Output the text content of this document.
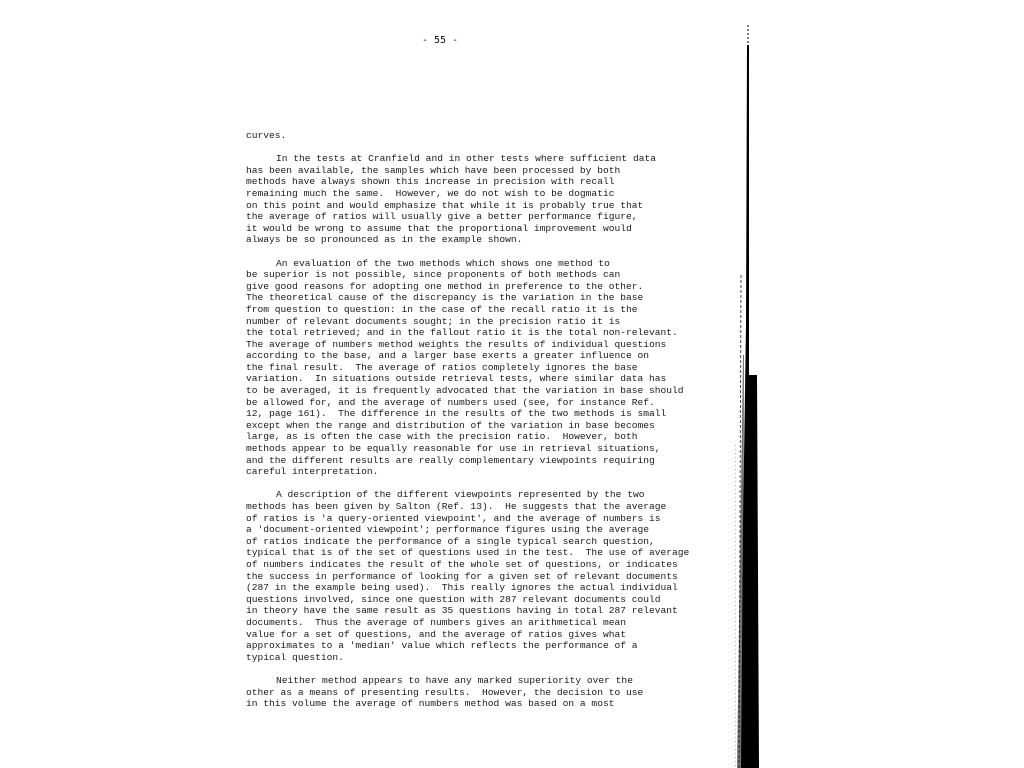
- 55 -

curves.

In the tests at Cranfield and in other tests where sufficient data
has been available, the samples which have been processed by both
methods have always shown this increase in precision with recall
remaining much the same.  However, we do not wish to be dogmatic
on this point and would emphasize that while it is probably true that
the average of ratios will usually give a better performance figure,
it would be wrong to assume that the proportional improvement would
always be so pronounced as in the example shown.

An evaluation of the two methods which shows one method to
be superior is not possible, since proponents of both methods can
give good reasons for adopting one method in preference to the other.
The theoretical cause of the discrepancy is the variation in the base
from question to question: in the case of the recall ratio it is the
number of relevant documents sought; in the precision ratio it is
the total retrieved; and in the fallout ratio it is the total non-relevant.
The average of numbers method weights the results of individual questions
according to the base, and a larger base exerts a greater influence on
the final result.  The average of ratios completely ignores the base
variation.  In situations outside retrieval tests, where similar data has
to be averaged, it is frequently advocated that the variation in base should
be allowed for, and the average of numbers used (see, for instance Ref.
12, page 161).  The difference in the results of the two methods is small
except when the range and distribution of the variation in base becomes
large, as is often the case with the precision ratio.  However, both
methods appear to be equally reasonable for use in retrieval situations,
and the different results are really complementary viewpoints requiring
careful interpretation.

A description of the different viewpoints represented by the two
methods has been given by Salton (Ref. 13).  He suggests that the average
of ratios is 'a query-oriented viewpoint', and the average of numbers is
a 'document-oriented viewpoint'; performance figures using the average
of ratios indicate the performance of a single typical search question,
typical that is of the set of questions used in the test.  The use of average
of numbers indicates the result of the whole set of questions, or indicates
the success in performance of looking for a given set of relevant documents
(287 in the example being used).  This really ignores the actual individual
questions involved, since one question with 287 relevant documents could
in theory have the same result as 35 questions having in total 287 relevant
documents.  Thus the average of numbers gives an arithmetical mean
value for a set of questions, and the average of ratios gives what
approximates to a 'median' value which reflects the performance of a
typical question.

Neither method appears to have any marked superiority over the
other as a means of presenting results.  However, the decision to use
in this volume the average of numbers method was based on a most
